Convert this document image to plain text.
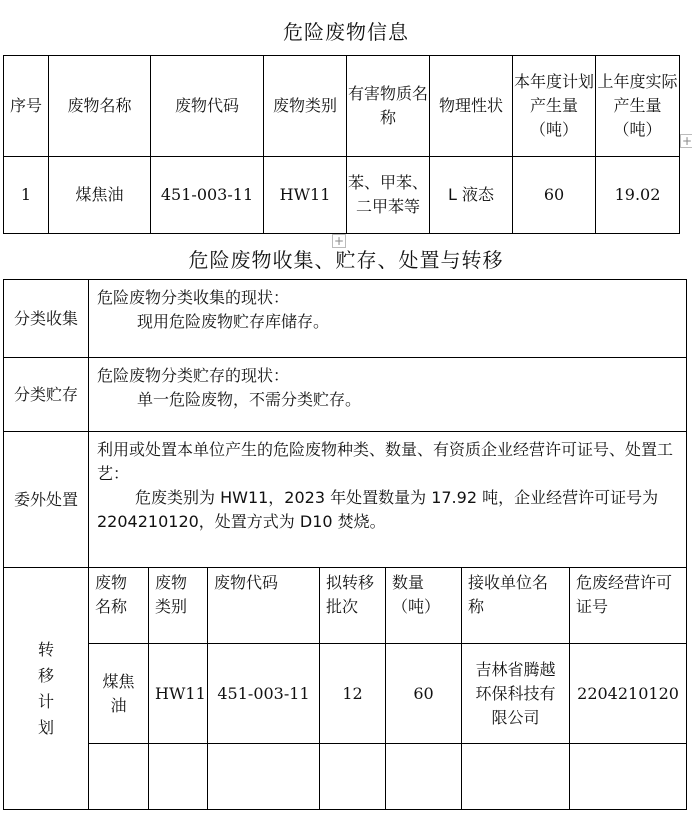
危险废物信息
序号	废物名称	废物代码	废物类别	有害物质名称	物理性状	本年度计划产生量（吨）	上年度实际产生量（吨）
1	煤焦油	451-003-11	HW11	苯、甲苯、二甲苯等	L 液态	60	19.02
+
+
危险废物收集、贮存、处置与转移
分类收集	危险废物分类收集的现状：
现用危险废物贮存库储存。						

分类贮存	危险废物分类贮存的现状：
单一危险废物，不需分类贮存。						

委外处置	利用或处置本单位产生的危险废物种类、数量、有资质企业经营许可证号、处置工艺：
危废类别为 HW11，2023 年处置数量为 17.92 吨，企业经营许可证号为 2204210120，处置方式为 D10 焚烧。						

转移计划	废物名称	废物类别	废物代码	拟转移批次	数量（吨）	接收单位名称	危废经营许可证号
	煤焦油	HW11	451-003-11	12	60	吉林省腾越环保科技有限公司	2204210120
